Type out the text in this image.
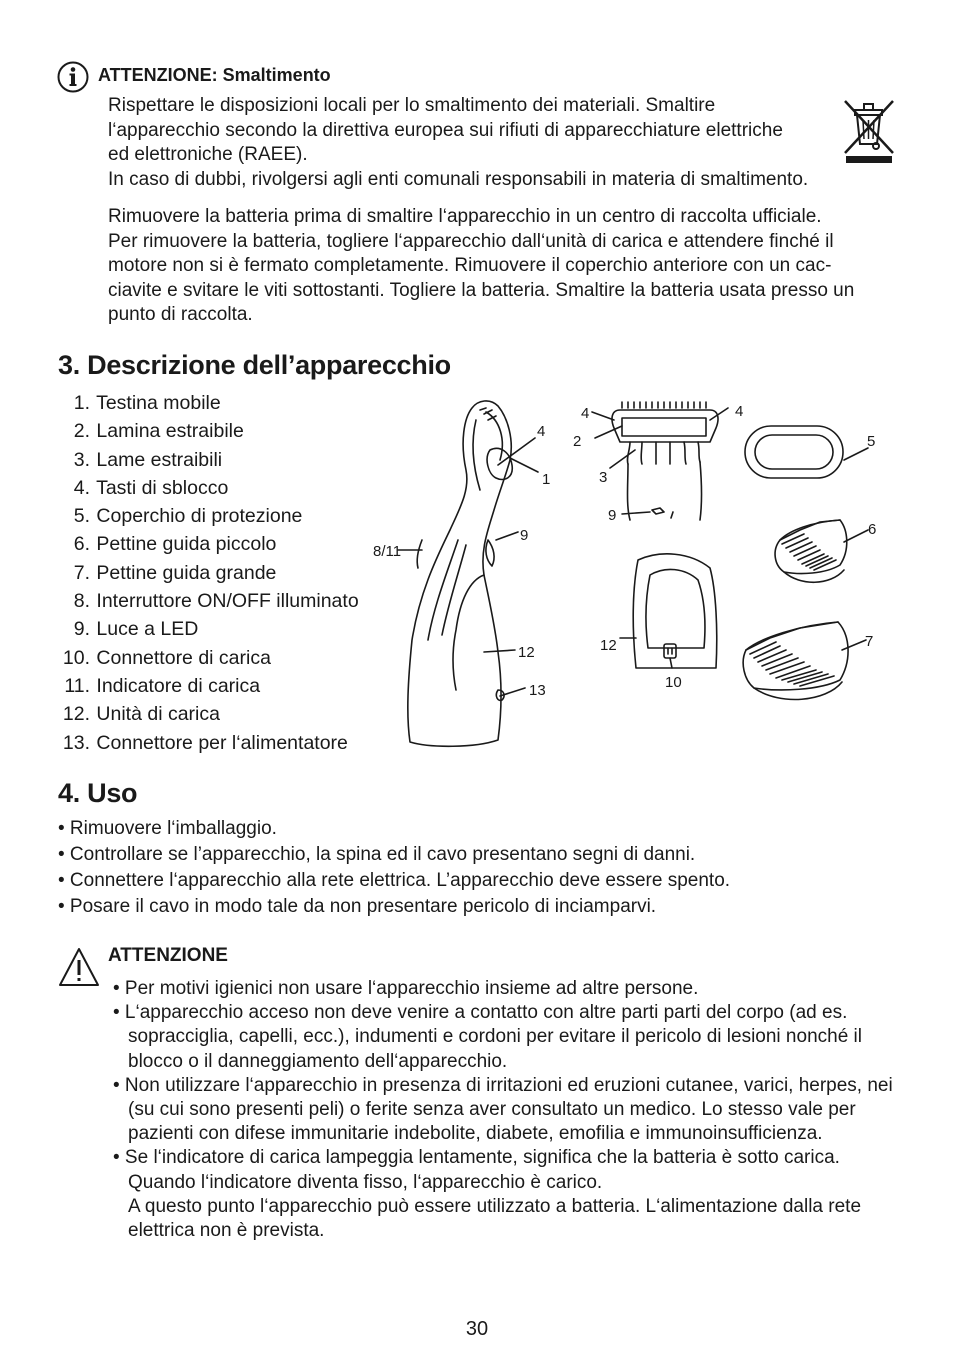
ATTENZIONE: Smaltimento

Rispettare le disposizioni locali per lo smaltimento dei materiali. Smaltire

l‘apparecchio secondo la direttiva europea sui rifiuti di apparecchiature elettriche

ed elettroniche (RAEE).

In caso di dubbi, rivolgersi agli enti comunali responsabili in materia di smaltimento.

Rimuovere la batteria prima di smaltire l‘apparecchio in un centro di raccolta ufficiale.

Per rimuovere la batteria, togliere l‘apparecchio dall‘unità di carica e attendere finché il

motore non si è fermato completamente. Rimuovere il coperchio anteriore con un cac-

ciavite e svitare le viti sottostanti. Togliere la batteria. Smaltire la batteria usata presso un

punto di raccolta.

3. Descrizione dell’apparecchio
1. Testina mobile
2. Lamina estraibile
3. Lame estraibili
4. Tasti di sblocco
5. Coperchio di protezione
6. Pettine guida piccolo
7. Pettine guida grande
8. Interruttore ON/OFF illuminato
9. Luce a LED
10. Connettore di carica
11. Indicatore di carica
12. Unità di carica
13. Connettore per l‘alimentatore
4
1
9
8/11
12
13
4	4
2
3
9
5
6
7
12
10
4. Uso
• Rimuovere l‘imballaggio.
• Controllare se l’apparecchio, la spina ed il cavo presentano segni di danni.
• Connettere l‘apparecchio alla rete elettrica. L’apparecchio deve essere spento.
• Posare il cavo in modo tale da non presentare pericolo di inciamparvi.
ATTENZIONE
• Per motivi igienici non usare l‘apparecchio insieme ad altre persone.
• L‘apparecchio acceso non deve venire a contatto con altre parti parti del corpo (ad es. sopracciglia, capelli, ecc.), indumenti e cordoni per evitare il pericolo di lesioni nonché il blocco o il danneggiamento dell‘apparecchio.
• Non utilizzare l‘apparecchio in presenza di irritazioni ed eruzioni cutanee, varici, herpes, nei (su cui sono presenti peli) o ferite senza aver consultato un medico. Lo stesso vale per pazienti con difese immunitarie indebolite, diabete, emofilia e immunoinsufficienza.
• Se l‘indicatore di carica lampeggia lentamente, significa che la batteria è sotto carica. Quando l‘indicatore diventa fisso, l‘apparecchio è carico.
A questo punto l‘apparecchio può essere utilizzato a batteria. L‘alimentazione dalla rete elettrica non è prevista.
30
